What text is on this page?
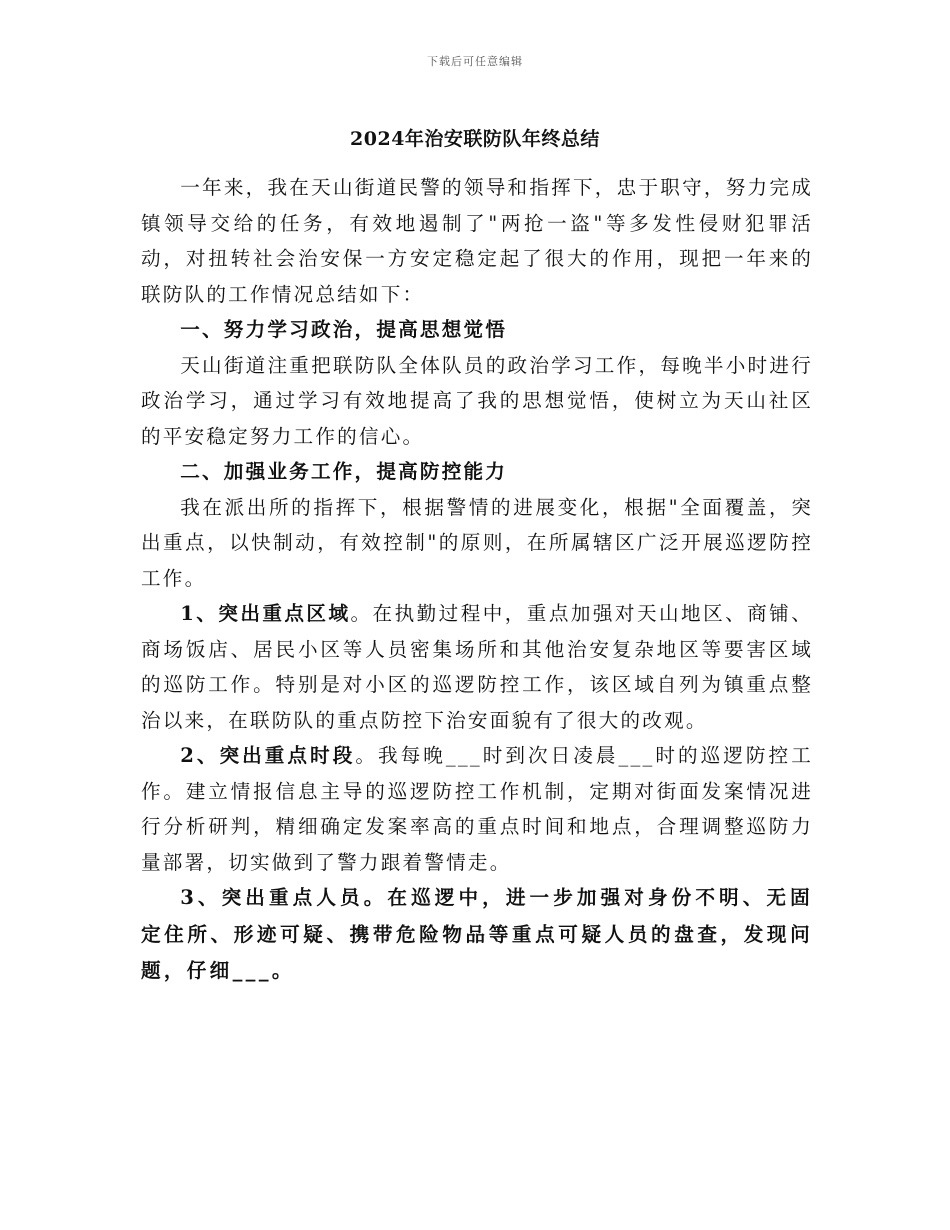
下载后可任意编辑
2024年治安联防队年终总结

一年来，我在天山街道民警的领导和指挥下，忠于职守，努力完成镇领导交给的任务，有效地遏制了"两抢一盗"等多发性侵财犯罪活动，对扭转社会治安保一方安定稳定起了很大的作用，现把一年来的联防队的工作情况总结如下：

一、努力学习政治，提高思想觉悟

天山街道注重把联防队全体队员的政治学习工作，每晚半小时进行政治学习，通过学习有效地提高了我的思想觉悟，使树立为天山社区的平安稳定努力工作的信心。

二、加强业务工作，提高防控能力

我在派出所的指挥下，根据警情的进展变化，根据"全面覆盖，突出重点，以快制动，有效控制"的原则，在所属辖区广泛开展巡逻防控工作。

1、突出重点区域。在执勤过程中，重点加强对天山地区、商铺、商场饭店、居民小区等人员密集场所和其他治安复杂地区等要害区域的巡防工作。特别是对小区的巡逻防控工作，该区域自列为镇重点整治以来，在联防队的重点防控下治安面貌有了很大的改观。

2、突出重点时段。我每晚___时到次日凌晨___时的巡逻防控工作。建立情报信息主导的巡逻防控工作机制，定期对街面发案情况进行分析研判，精细确定发案率高的重点时间和地点，合理调整巡防力量部署，切实做到了警力跟着警情走。

3、突出重点人员。在巡逻中，进一步加强对身份不明、无固定住所、形迹可疑、携带危险物品等重点可疑人员的盘查，发现问题，仔细___。
